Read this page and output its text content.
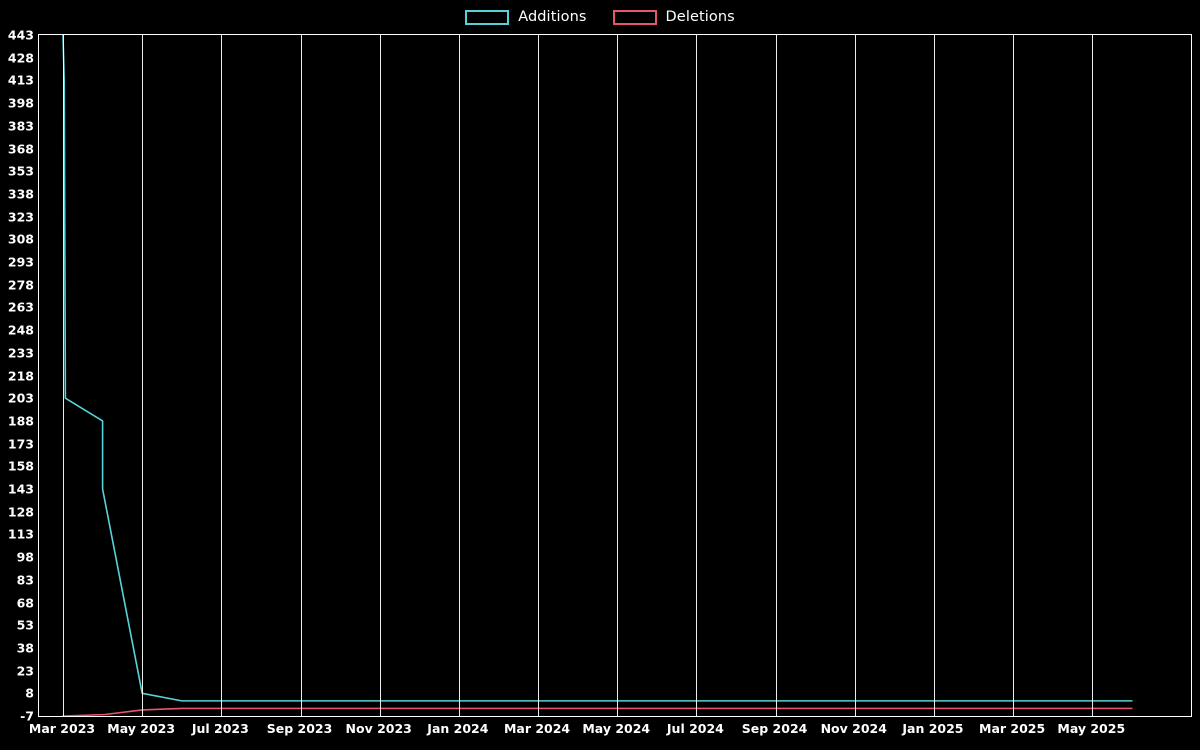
Additions	Deletions
-7
8
23
38
53
68
83
98
113
128
143
158
173
188
203
218
233
248
263
278
293
308
323
338
353
368
383
398
413
428
443
Mar 2023 May 2023 Jul 2023 Sep 2023 Nov 2023 Jan 2024 Mar 2024 May 2024 Jul 2024 Sep 2024 Nov 2024 Jan 2025 Mar 2025 May 2025
